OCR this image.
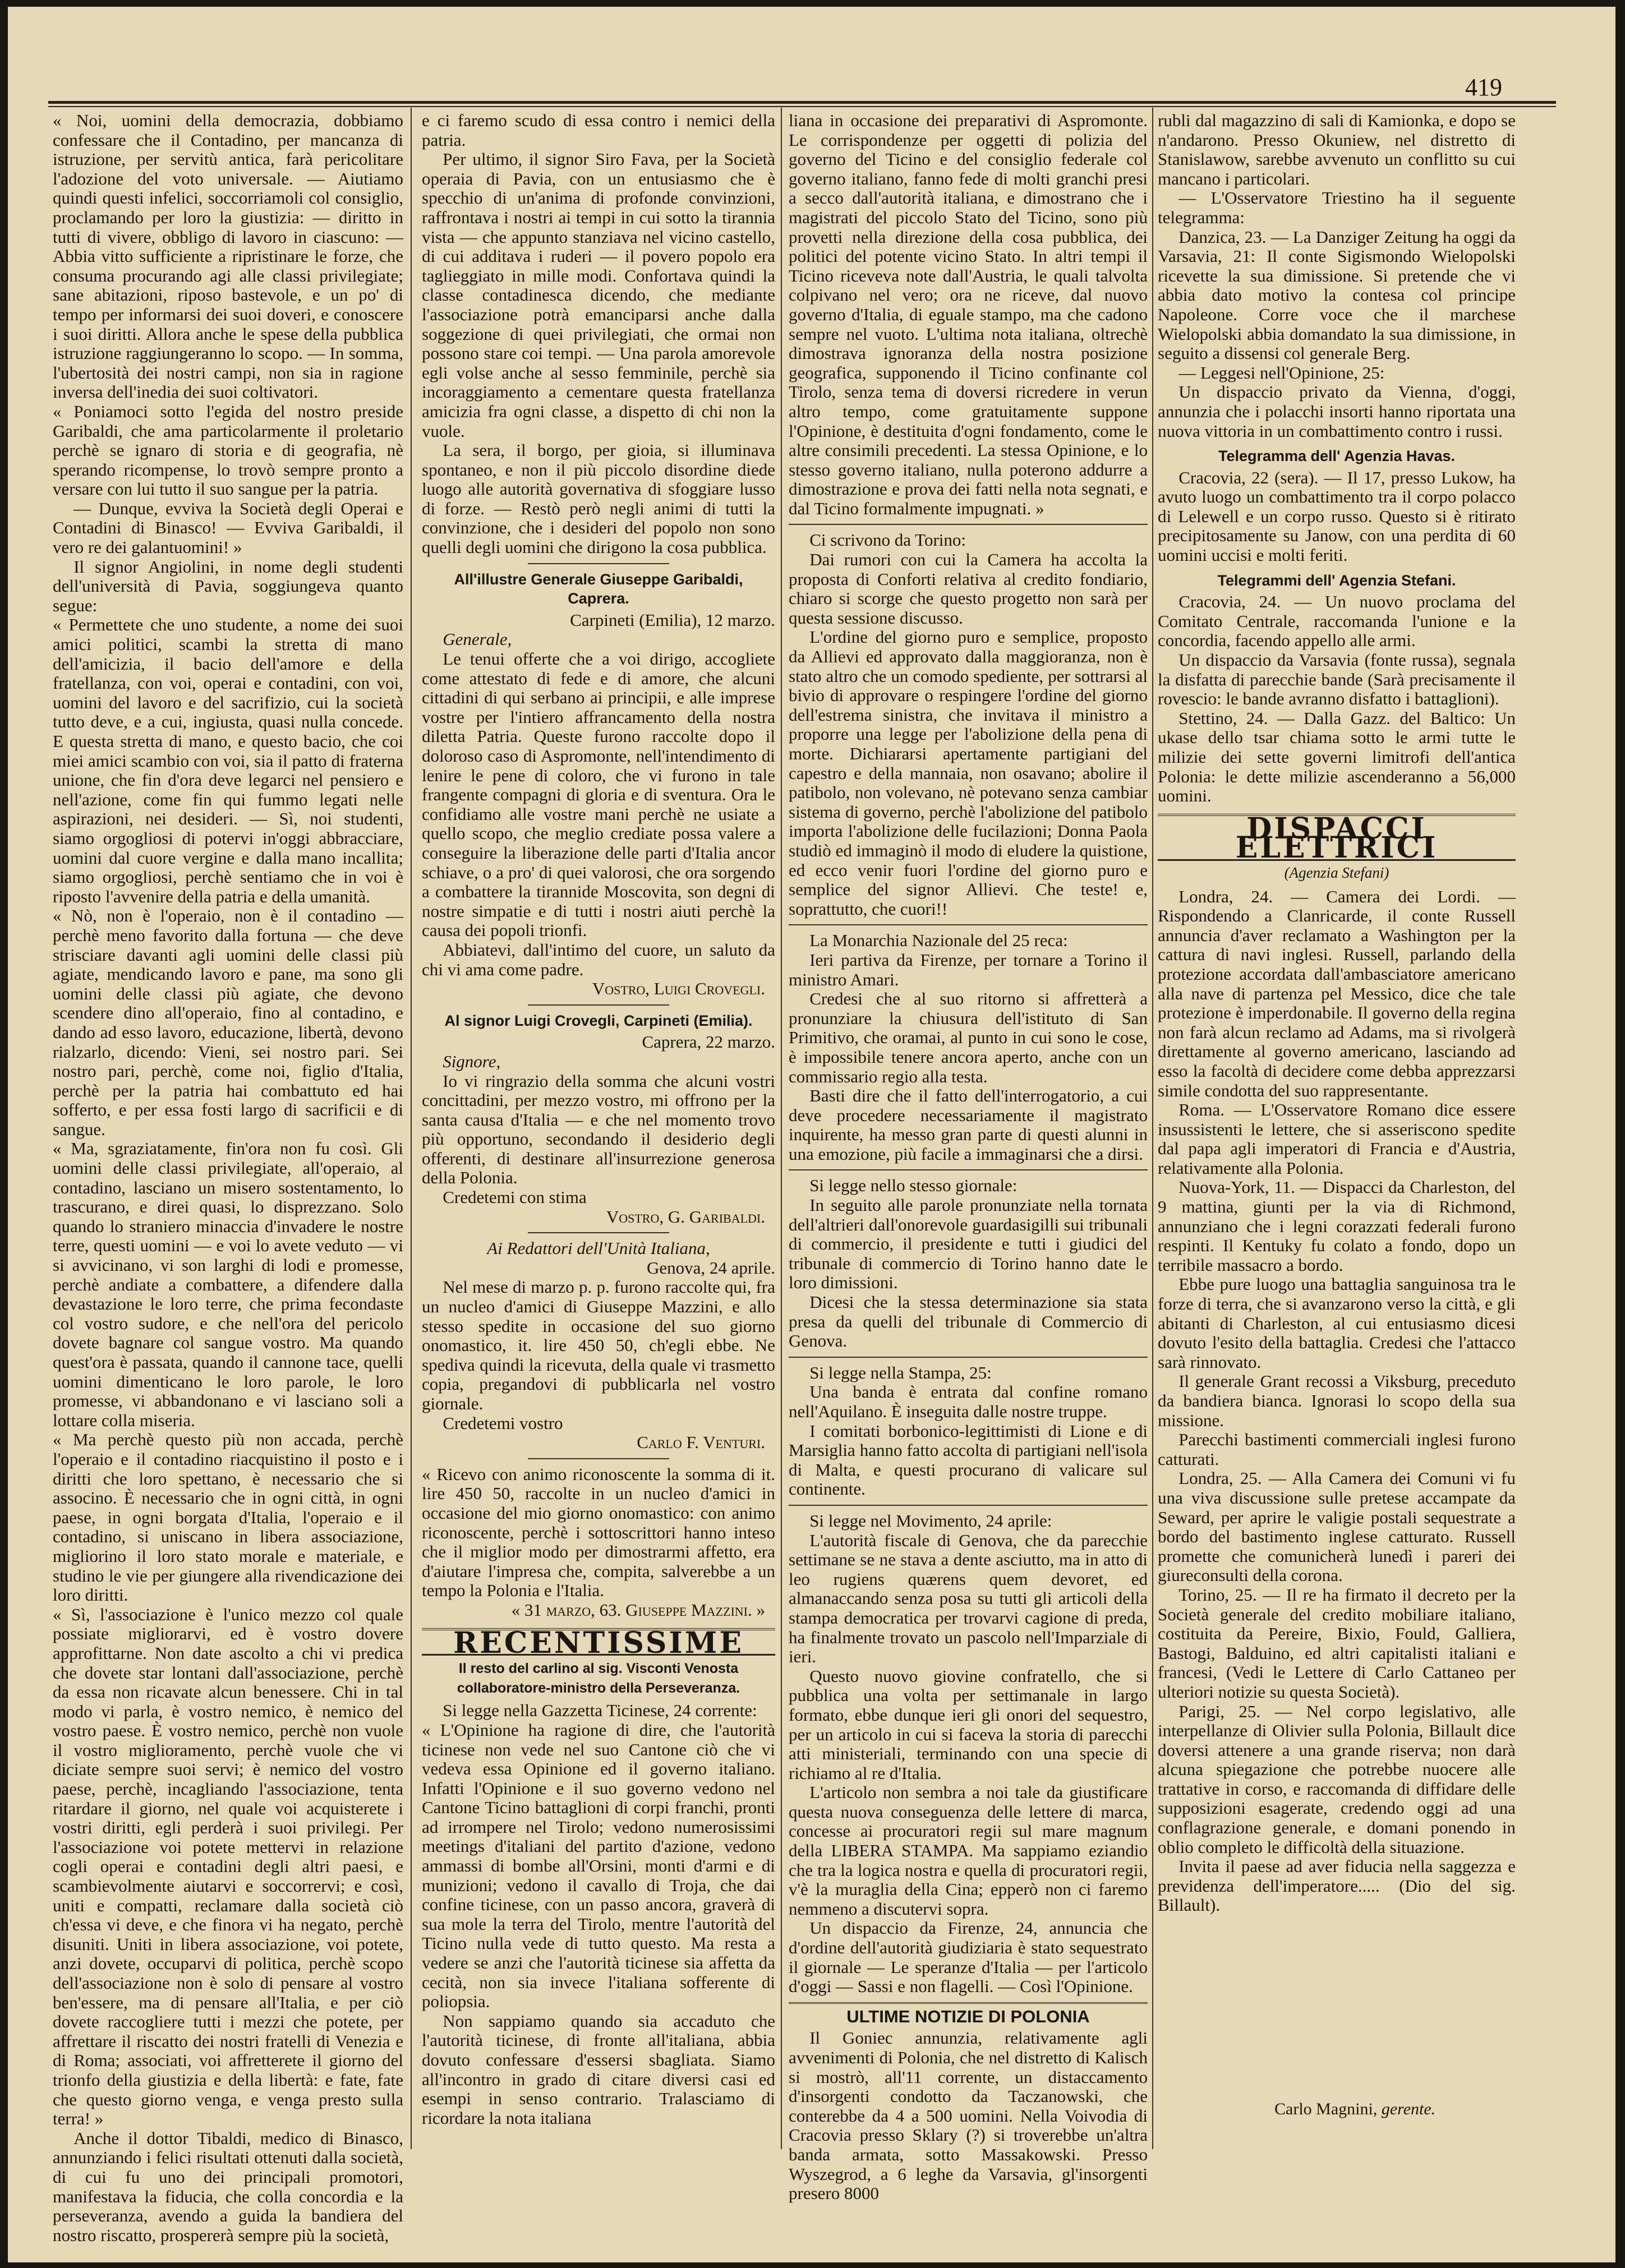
419

« Noi, uomini della democrazia, dobbiamo confessare che il Contadino, per mancanza di istruzione, per servitù antica, farà pericolitare l'adozione del voto universale. — Aiutiamo quindi questi infelici, soccorriamoli col consiglio, proclamando per loro la giustizia: — diritto in tutti di vivere, obbligo di lavoro in ciascuno: — Abbia vitto sufficiente a ripristinare le forze, che consuma procurando agi alle classi privilegiate; sane abitazioni, riposo bastevole, e un po' di tempo per informarsi dei suoi doveri, e conoscere i suoi diritti. Allora anche le spese della pubblica istruzione raggiungeranno lo scopo. — In somma, l'ubertosità dei nostri campi, non sia in ragione inversa dell'inedia dei suoi coltivatori.

« Poniamoci sotto l'egida del nostro preside Garibaldi, che ama particolarmente il proletario perchè se ignaro di storia e di geografia, nè sperando ricompense, lo trovò sempre pronto a versare con lui tutto il suo sangue per la patria.

— Dunque, evviva la Società degli Operai e Contadini di Binasco! — Evviva Garibaldi, il vero re dei galantuomini! »

Il signor Angiolini, in nome degli studenti dell'università di Pavia, soggiungeva quanto segue:

« Permettete che uno studente, a nome dei suoi amici politici, scambi la stretta di mano dell'amicizia, il bacio dell'amore e della fratellanza, con voi, operai e contadini, con voi, uomini del lavoro e del sacrifizio, cui la società tutto deve, e a cui, ingiusta, quasi nulla concede. E questa stretta di mano, e questo bacio, che coi miei amici scambio con voi, sia il patto di fraterna unione, che fin d'ora deve legarci nel pensiero e nell'azione, come fin qui fummo legati nelle aspirazioni, nei desideri. — Sì, noi studenti, siamo orgogliosi di potervi in'oggi abbracciare, uomini dal cuore vergine e dalla mano incallita; siamo orgogliosi, perchè sentiamo che in voi è riposto l'avvenire della patria e della umanità.

« Nò, non è l'operaio, non è il contadino — perchè meno favorito dalla fortuna — che deve strisciare davanti agli uomini delle classi più agiate, mendicando lavoro e pane, ma sono gli uomini delle classi più agiate, che devono scendere dino all'operaio, fino al contadino, e dando ad esso lavoro, educazione, libertà, devono rialzarlo, dicendo: Vieni, sei nostro pari. Sei nostro pari, perchè, come noi, figlio d'Italia, perchè per la patria hai combattuto ed hai sofferto, e per essa fosti largo di sacrificii e di sangue.

« Ma, sgraziatamente, fin'ora non fu così. Gli uomini delle classi privilegiate, all'operaio, al contadino, lasciano un misero sostentamento, lo trascurano, e direi quasi, lo disprezzano. Solo quando lo straniero minaccia d'invadere le nostre terre, questi uomini — e voi lo avete veduto — vi si avvicinano, vi son larghi di lodi e promesse, perchè andiate a combattere, a difendere dalla devastazione le loro terre, che prima fecondaste col vostro sudore, e che nell'ora del pericolo dovete bagnare col sangue vostro. Ma quando quest'ora è passata, quando il cannone tace, quelli uomini dimenticano le loro parole, le loro promesse, vi abbandonano e vi lasciano soli a lottare colla miseria.

« Ma perchè questo più non accada, perchè l'operaio e il contadino riacquistino il posto e i diritti che loro spettano, è necessario che si associno. È necessario che in ogni città, in ogni paese, in ogni borgata d'Italia, l'operaio e il contadino, si uniscano in libera associazione, migliorino il loro stato morale e materiale, e studino le vie per giungere alla rivendicazione dei loro diritti.

« Sì, l'associazione è l'unico mezzo col quale possiate migliorarvi, ed è vostro dovere approfittarne. Non date ascolto a chi vi predica che dovete star lontani dall'associazione, perchè da essa non ricavate alcun benessere. Chi in tal modo vi parla, è vostro nemico, è nemico del vostro paese. È vostro nemico, perchè non vuole il vostro miglioramento, perchè vuole che vi diciate sempre suoi servi; è nemico del vostro paese, perchè, incagliando l'associazione, tenta ritardare il giorno, nel quale voi acquisterete i vostri diritti, egli perderà i suoi privilegi. Per l'associazione voi potete mettervi in relazione cogli operai e contadini degli altri paesi, e scambievolmente aiutarvi e soccorrervi; e così, uniti e compatti, reclamare dalla società ciò ch'essa vi deve, e che finora vi ha negato, perchè disuniti. Uniti in libera associazione, voi potete, anzi dovete, occuparvi di politica, perchè scopo dell'associazione non è solo di pensare al vostro ben'essere, ma di pensare all'Italia, e per ciò dovete raccogliere tutti i mezzi che potete, per affrettare il riscatto dei nostri fratelli di Venezia e di Roma; associati, voi affretterete il giorno del trionfo della giustizia e della libertà: e fate, fate che questo giorno venga, e venga presto sulla terra! »

Anche il dottor Tibaldi, medico di Binasco, annunziando i felici risultati ottenuti dalla società, di cui fu uno dei principali promotori, manifestava la fiducia, che colla concordia e la perseveranza, avendo a guida la bandiera del nostro riscatto, prospererà sempre più la società,

e ci faremo scudo di essa contro i nemici della patria.

Per ultimo, il signor Siro Fava, per la Società operaia di Pavia, con un entusiasmo che è specchio di un'anima di profonde convinzioni, raffrontava i nostri ai tempi in cui sotto la tirannia vista — che appunto stanziava nel vicino castello, di cui additava i ruderi — il povero popolo era taglieggiato in mille modi. Confortava quindi la classe contadinesca dicendo, che mediante l'associazione potrà emanciparsi anche dalla soggezione di quei privilegiati, che ormai non possono stare coi tempi. — Una parola amorevole egli volse anche al sesso femminile, perchè sia incoraggiamento a cementare questa fratellanza amicizia fra ogni classe, a dispetto di chi non la vuole.

La sera, il borgo, per gioia, si illuminava spontaneo, e non il più piccolo disordine diede luogo alle autorità governativa di sfoggiare lusso di forze. — Restò però negli animi di tutti la convinzione, che i desideri del popolo non sono quelli degli uomini che dirigono la cosa pubblica.

All'illustre Generale Giuseppe Garibaldi, Caprera.
Carpineti (Emilia), 12 marzo.

Generale,

Le tenui offerte che a voi dirigo, accogliete come attestato di fede e di amore, che alcuni cittadini di qui serbano ai principii, e alle imprese vostre per l'intiero affrancamento della nostra diletta Patria. Queste furono raccolte dopo il doloroso caso di Aspromonte, nell'intendimento di lenire le pene di coloro, che vi furono in tale frangente compagni di gloria e di sventura. Ora le confidiamo alle vostre mani perchè ne usiate a quello scopo, che meglio crediate possa valere a conseguire la liberazione delle parti d'Italia ancor schiave, o a pro' di quei valorosi, che ora sorgendo a combattere la tirannide Moscovita, son degni di nostre simpatie e di tutti i nostri aiuti perchè la causa dei popoli trionfi.

Abbiatevi, dall'intimo del cuore, un saluto da chi vi ama come padre.

Vostro, Luigi Crovegli.
Al signor Luigi Crovegli, Carpineti (Emilia).
Caprera, 22 marzo.

Signore,

Io vi ringrazio della somma che alcuni vostri concittadini, per mezzo vostro, mi offrono per la santa causa d'Italia — e che nel momento trovo più opportuno, secondando il desiderio degli offerenti, di destinare all'insurrezione generosa della Polonia.

Credetemi con stima

Vostro, G. Garibaldi.
Ai Redattori dell'Unità Italiana,
Genova, 24 aprile.

Nel mese di marzo p. p. furono raccolte qui, fra un nucleo d'amici di Giuseppe Mazzini, e allo stesso spedite in occasione del suo giorno onomastico, it. lire 450 50, ch'egli ebbe. Ne spediva quindi la ricevuta, della quale vi trasmetto copia, pregandovi di pubblicarla nel vostro giornale.

Credetemi vostro

Carlo F. Venturi.

« Ricevo con animo riconoscente la somma di it. lire 450 50, raccolte in un nucleo d'amici in occasione del mio giorno onomastico: con animo riconoscente, perchè i sottoscrittori hanno inteso che il miglior modo per dimostrarmi affetto, era d'aiutare l'impresa che, compita, salverebbe a un tempo la Polonia e l'Italia.

« 31 marzo, 63. Giuseppe Mazzini. »
RECENTISSIME
Il resto del carlino al sig. Visconti Venosta collaboratore-ministro della Perseveranza.

Si legge nella Gazzetta Ticinese, 24 corrente:

« L'Opinione ha ragione di dire, che l'autorità ticinese non vede nel suo Cantone ciò che vi vedeva essa Opinione ed il governo italiano. Infatti l'Opinione e il suo governo vedono nel Cantone Ticino battaglioni di corpi franchi, pronti ad irrompere nel Tirolo; vedono numerosissimi meetings d'italiani del partito d'azione, vedono ammassi di bombe all'Orsini, monti d'armi e di munizioni; vedono il cavallo di Troja, che dai confine ticinese, con un passo ancora, graverà di sua mole la terra del Tirolo, mentre l'autorità del Ticino nulla vede di tutto questo. Ma resta a vedere se anzi che l'autorità ticinese sia affetta da cecità, non sia invece l'italiana sofferente di poliopsia.

Non sappiamo quando sia accaduto che l'autorità ticinese, di fronte all'italiana, abbia dovuto confessare d'essersi sbagliata. Siamo all'incontro in grado di citare diversi casi ed esempi in senso contrario. Tralasciamo di ricordare la nota italiana

liana in occasione dei preparativi di Aspromonte. Le corrispondenze per oggetti di polizia del governo del Ticino e del consiglio federale col governo italiano, fanno fede di molti granchi presi a secco dall'autorità italiana, e dimostrano che i magistrati del piccolo Stato del Ticino, sono più provetti nella direzione della cosa pubblica, dei politici del potente vicino Stato. In altri tempi il Ticino riceveva note dall'Austria, le quali talvolta colpivano nel vero; ora ne riceve, dal nuovo governo d'Italia, di eguale stampo, ma che cadono sempre nel vuoto. L'ultima nota italiana, oltrechè dimostrava ignoranza della nostra posizione geografica, supponendo il Ticino confinante col Tirolo, senza tema di doversi ricredere in verun altro tempo, come gratuitamente suppone l'Opinione, è destituita d'ogni fondamento, come le altre consimili precedenti. La stessa Opinione, e lo stesso governo italiano, nulla poterono addurre a dimostrazione e prova dei fatti nella nota segnati, e dal Ticino formalmente impugnati. »

Ci scrivono da Torino:

Dai rumori con cui la Camera ha accolta la proposta di Conforti relativa al credito fondiario, chiaro si scorge che questo progetto non sarà per questa sessione discusso.

L'ordine del giorno puro e semplice, proposto da Allievi ed approvato dalla maggioranza, non è stato altro che un comodo spediente, per sottrarsi al bivio di approvare o respingere l'ordine del giorno dell'estrema sinistra, che invitava il ministro a proporre una legge per l'abolizione della pena di morte. Dichiararsi apertamente partigiani del capestro e della mannaia, non osavano; abolire il patibolo, non volevano, nè potevano senza cambiar sistema di governo, perchè l'abolizione del patibolo importa l'abolizione delle fucilazioni; Donna Paola studiò ed immaginò il modo di eludere la quistione, ed ecco venir fuori l'ordine del giorno puro e semplice del signor Allievi. Che teste! e, soprattutto, che cuori!!

La Monarchia Nazionale del 25 reca:

Ieri partiva da Firenze, per tornare a Torino il ministro Amari.

Credesi che al suo ritorno si affretterà a pronunziare la chiusura dell'istituto di San Primitivo, che oramai, al punto in cui sono le cose, è impossibile tenere ancora aperto, anche con un commissario regio alla testa.

Basti dire che il fatto dell'interrogatorio, a cui deve procedere necessariamente il magistrato inquirente, ha messo gran parte di questi alunni in una emozione, più facile a immaginarsi che a dirsi.

Si legge nello stesso giornale:

In seguito alle parole pronunziate nella tornata dell'altrieri dall'onorevole guardasigilli sui tribunali di commercio, il presidente e tutti i giudici del tribunale di commercio di Torino hanno date le loro dimissioni.

Dicesi che la stessa determinazione sia stata presa da quelli del tribunale di Commercio di Genova.

Si legge nella Stampa, 25:

Una banda è entrata dal confine romano nell'Aquilano. È inseguita dalle nostre truppe.

I comitati borbonico-legittimisti di Lione e di Marsiglia hanno fatto accolta di partigiani nell'isola di Malta, e questi procurano di valicare sul continente.

Si legge nel Movimento, 24 aprile:

L'autorità fiscale di Genova, che da parecchie settimane se ne stava a dente asciutto, ma in atto di leo rugiens quærens quem devoret, ed almanaccando senza posa su tutti gli articoli della stampa democratica per trovarvi cagione di preda, ha finalmente trovato un pascolo nell'Imparziale di ieri.

Questo nuovo giovine confratello, che si pubblica una volta per settimanale in largo formato, ebbe dunque ieri gli onori del sequestro, per un articolo in cui si faceva la storia di parecchi atti ministeriali, terminando con una specie di richiamo al re d'Italia.

L'articolo non sembra a noi tale da giustificare questa nuova conseguenza delle lettere di marca, concesse ai procuratori regii sul mare magnum della LIBERA STAMPA. Ma sappiamo eziandio che tra la logica nostra e quella di procuratori regii, v'è la muraglia della Cina; epperò non ci faremo nemmeno a discutervi sopra.

Un dispaccio da Firenze, 24, annuncia che d'ordine dell'autorità giudiziaria è stato sequestrato il giornale — Le speranze d'Italia — per l'articolo d'oggi — Sassi e non flagelli. — Così l'Opinione.

ULTIME NOTIZIE DI POLONIA

Il Goniec annunzia, relativamente agli avvenimenti di Polonia, che nel distretto di Kalisch si mostrò, all'11 corrente, un distaccamento d'insorgenti condotto da Taczanowski, che conterebbe da 4 a 500 uomini. Nella Voivodia di Cracovia presso Sklary (?) si troverebbe un'altra banda armata, sotto Massakowski. Presso Wyszegrod, a 6 leghe da Varsavia, gl'insorgenti presero 8000

rubli dal magazzino di sali di Kamionka, e dopo se n'andarono. Presso Okuniew, nel distretto di Stanislawow, sarebbe avvenuto un conflitto su cui mancano i particolari.

— L'Osservatore Triestino ha il seguente telegramma:

Danzica, 23. — La Danziger Zeitung ha oggi da Varsavia, 21: Il conte Sigismondo Wielopolski ricevette la sua dimissione. Si pretende che vi abbia dato motivo la contesa col principe Napoleone. Corre voce che il marchese Wielopolski abbia domandato la sua dimissione, in seguito a dissensi col generale Berg.

— Leggesi nell'Opinione, 25:

Un dispaccio privato da Vienna, d'oggi, annunzia che i polacchi insorti hanno riportata una nuova vittoria in un combattimento contro i russi.

Telegramma dell' Agenzia Havas.

Cracovia, 22 (sera). — Il 17, presso Lukow, ha avuto luogo un combattimento tra il corpo polacco di Lelewell e un corpo russo. Questo si è ritirato precipitosamente su Janow, con una perdita di 60 uomini uccisi e molti feriti.

Telegrammi dell' Agenzia Stefani.

Cracovia, 24. — Un nuovo proclama del Comitato Centrale, raccomanda l'unione e la concordia, facendo appello alle armi.

Un dispaccio da Varsavia (fonte russa), segnala la disfatta di parecchie bande (Sarà precisamente il rovescio: le bande avranno disfatto i battaglioni).

Stettino, 24. — Dalla Gazz. del Baltico: Un ukase dello tsar chiama sotto le armi tutte le milizie dei sette governi limitrofi dell'antica Polonia: le dette milizie ascenderanno a 56,000 uomini.

DISPACCI ELETTRICI
(Agenzia Stefani)

Londra, 24. — Camera dei Lordi. — Rispondendo a Clanricarde, il conte Russell annuncia d'aver reclamato a Washington per la cattura di navi inglesi. Russell, parlando della protezione accordata dall'ambasciatore americano alla nave di partenza pel Messico, dice che tale protezione è imperdonabile. Il governo della regina non farà alcun reclamo ad Adams, ma si rivolgerà direttamente al governo americano, lasciando ad esso la facoltà di decidere come debba apprezzarsi simile condotta del suo rappresentante.

Roma. — L'Osservatore Romano dice essere insussistenti le lettere, che si asseriscono spedite dal papa agli imperatori di Francia e d'Austria, relativamente alla Polonia.

Nuova-York, 11. — Dispacci da Charleston, del 9 mattina, giunti per la via di Richmond, annunziano che i legni corazzati federali furono respinti. Il Kentuky fu colato a fondo, dopo un terribile massacro a bordo.

Ebbe pure luogo una battaglia sanguinosa tra le forze di terra, che si avanzarono verso la città, e gli abitanti di Charleston, al cui entusiasmo dicesi dovuto l'esito della battaglia. Credesi che l'attacco sarà rinnovato.

Il generale Grant recossi a Viksburg, preceduto da bandiera bianca. Ignorasi lo scopo della sua missione.

Parecchi bastimenti commerciali inglesi furono catturati.

Londra, 25. — Alla Camera dei Comuni vi fu una viva discussione sulle pretese accampate da Seward, per aprire le valigie postali sequestrate a bordo del bastimento inglese catturato. Russell promette che comunicherà lunedì i pareri dei giureconsulti della corona.

Torino, 25. — Il re ha firmato il decreto per la Società generale del credito mobiliare italiano, costituita da Pereire, Bixio, Fould, Galliera, Bastogi, Balduino, ed altri capitalisti italiani e francesi, (Vedi le Lettere di Carlo Cattaneo per ulteriori notizie su questa Società).

Parigi, 25. — Nel corpo legislativo, alle interpellanze di Olivier sulla Polonia, Billault dice doversi attenere a una grande riserva; non darà alcuna spiegazione che potrebbe nuocere alle trattative in corso, e raccomanda di diffidare delle supposizioni esagerate, credendo oggi ad una conflagrazione generale, e domani ponendo in oblio completo le difficoltà della situazione.

Invita il paese ad aver fiducia nella saggezza e previdenza dell'imperatore..... (Dio del sig. Billault).

Carlo Magnini, gerente.
